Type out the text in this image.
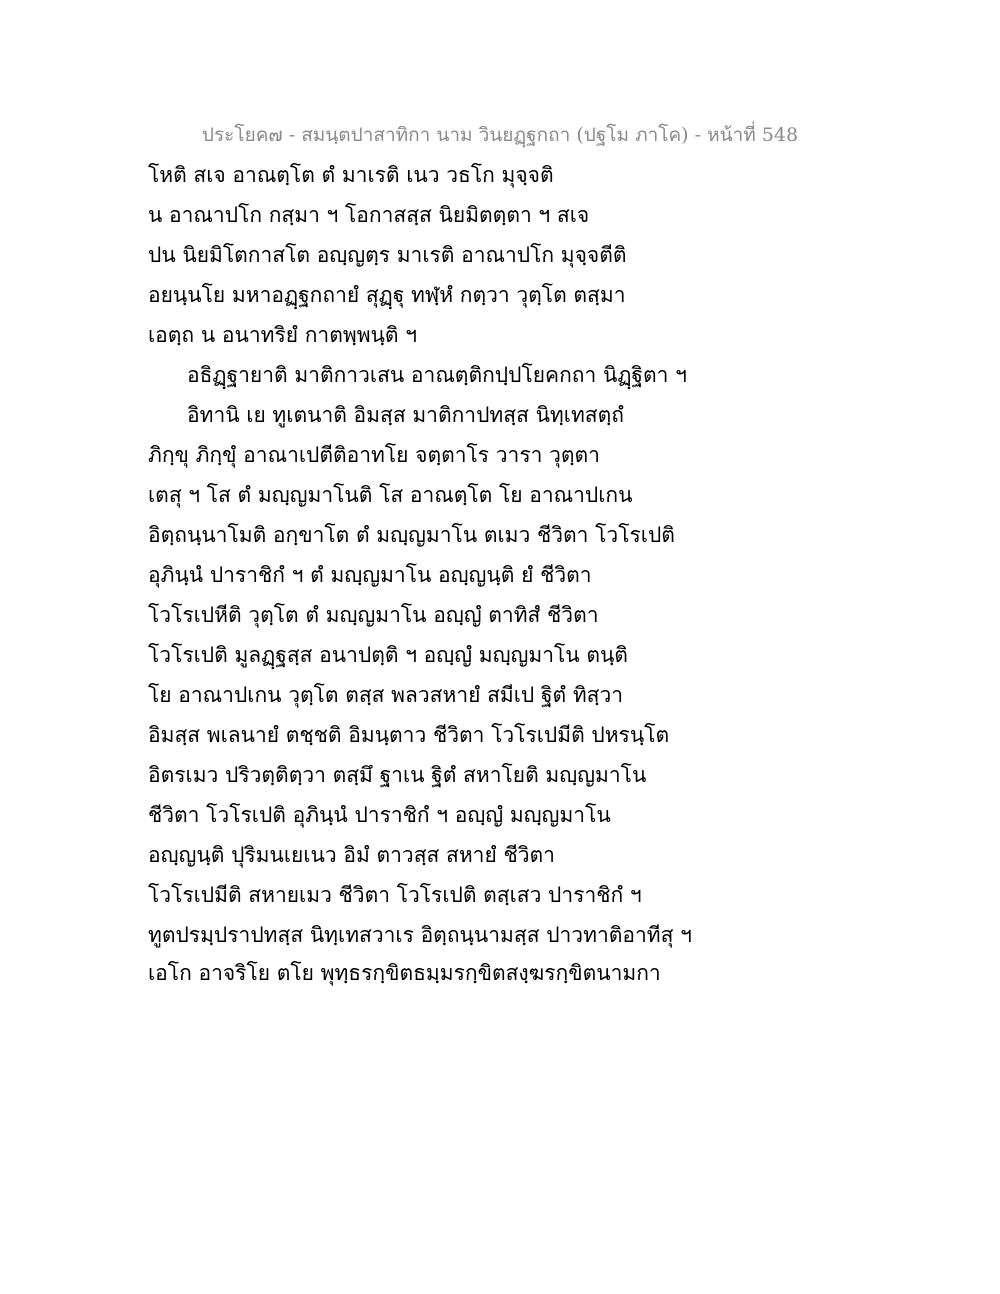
ประโยค๗ - สมนฺตปาสาทิกา นาม วินยฏฺฐกถา (ปฐโม ภาโค) - หน้าที่ 548
โหติ สเจ อาณตฺโต ตํ มาเรติ เนว วธโก มุจฺจติ
น อาณาปโก กสฺมา ฯ โอกาสสฺส นิยมิตตฺตา ฯ สเจ
ปน นิยมิโตกาสโต อญฺญตฺร มาเรติ อาณาปโก มุจฺจตีติ
อยนฺนโย มหาอฏฺฐกถายํ สุฏฺฐุ ทฬฺหํ กตฺวา วุตฺโต ตสฺมา
เอตฺถ น อนาทริยํ กาตพฺพนฺติ ฯ
อธิฏฺฐายาติ มาติกาวเสน อาณตฺติกปฺปโยคกถา นิฏฺฐิตา ฯ
อิทานิ เย ทูเตนาติ อิมสฺส มาติกาปทสฺส นิทฺเทสตฺถํ
ภิกฺขุ ภิกฺขุํ อาณาเปตีติอาทโย จตฺตาโร วารา วุตฺตา
เตสุ ฯ โส ตํ มญฺญมาโนติ โส อาณตฺโต โย อาณาปเกน
อิตฺถนฺนาโมติ อกฺขาโต ตํ มญฺญมาโน ตเมว ชีวิตา โวโรเปติ
อุภินฺนํ ปาราชิกํ ฯ ตํ มญฺญมาโน อญฺญนฺติ ยํ ชีวิตา
โวโรเปหีติ วุตฺโต ตํ มญฺญมาโน อญฺญํ ตาทิสํ ชีวิตา
โวโรเปติ มูลฏฺฐสฺส อนาปตฺติ ฯ อญฺญํ มญฺญมาโน ตนฺติ
โย อาณาปเกน วุตฺโต ตสฺส พลวสหายํ สมีเป ฐิตํ ทิสฺวา
อิมสฺส พเลนายํ ตชฺชติ อิมนฺตาว ชีวิตา โวโรเปมีติ ปหรนฺโต
อิตรเมว ปริวตฺติตฺวา ตสฺมึ ฐาเน ฐิตํ สหาโยติ มญฺญมาโน
ชีวิตา โวโรเปติ อุภินฺนํ ปาราชิกํ ฯ อญฺญํ มญฺญมาโน
อญฺญนฺติ ปุริมนเยเนว อิมํ ตาวสฺส สหายํ ชีวิตา
โวโรเปมีติ สหายเมว ชีวิตา โวโรเปติ ตสฺเสว ปาราชิกํ ฯ
ทูตปรมฺปราปทสฺส นิทฺเทสวาเร อิตฺถนฺนามสฺส ปาวทาติอาทีสุ ฯ
เอโก อาจริโย ตโย พุทฺธรกฺขิตธมฺมรกฺขิตสงฺฆรกฺขิตนามกา
